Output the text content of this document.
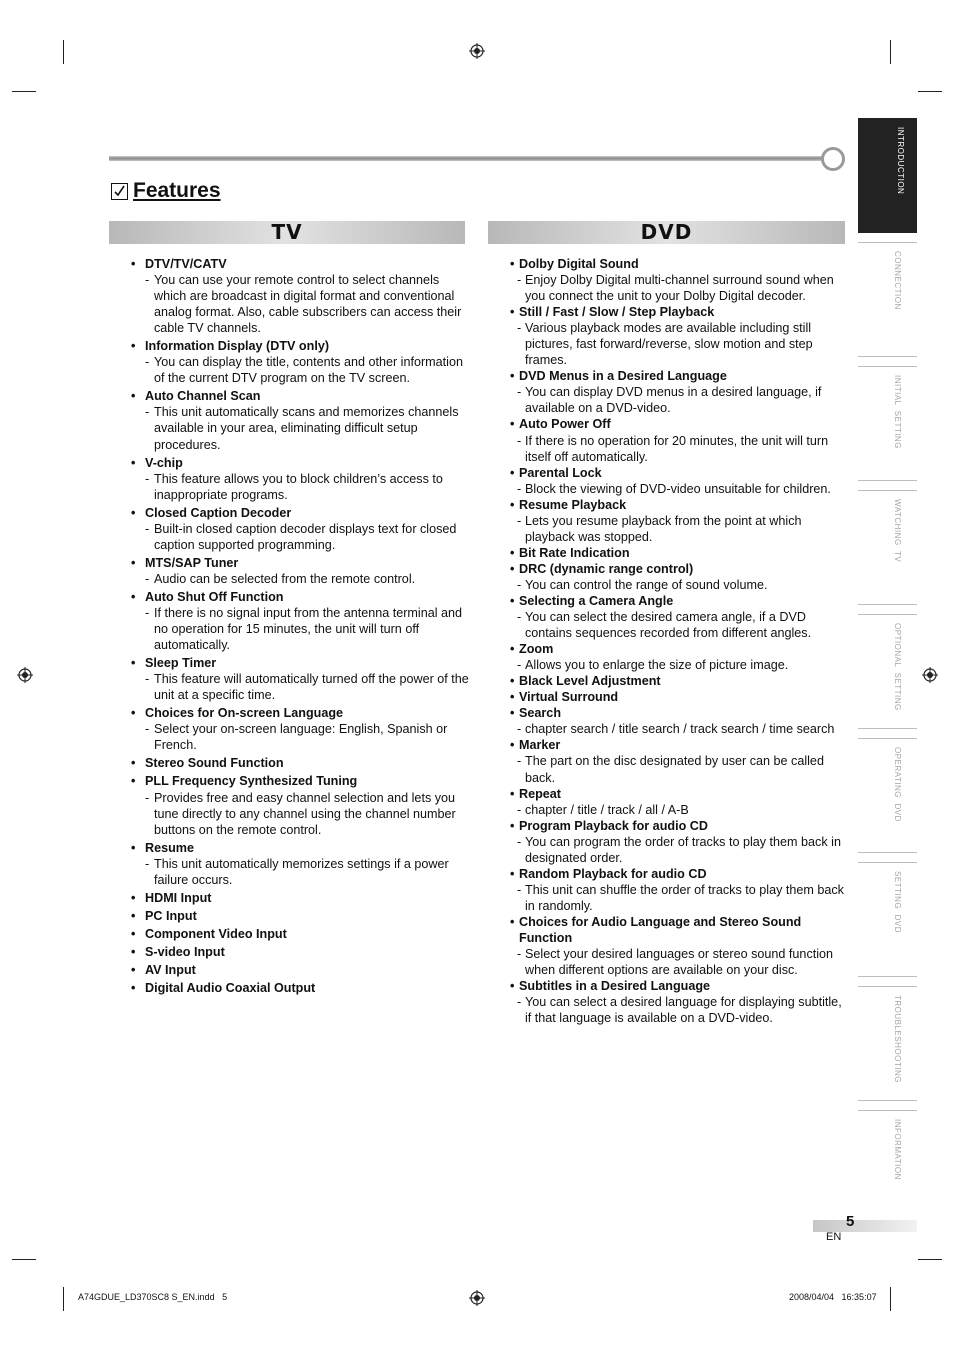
Features
TV	DVD
• DTV/TV/CATV
- You can use your remote control to select channels which are broadcast in digital format and conventional analog format. Also, cable subscribers can access their cable TV channels.
• Information Display (DTV only)
- You can display the title, contents and other information of the current DTV program on the TV screen.
• Auto Channel Scan
- This unit automatically scans and memorizes channels available in your area, eliminating difficult setup procedures.
• V-chip
- This feature allows you to block children’s access to inappropriate programs.
• Closed Caption Decoder
- Built-in closed caption decoder displays text for closed caption supported programming.
• MTS/SAP Tuner
- Audio can be selected from the remote control.
• Auto Shut Off Function
- If there is no signal input from the antenna terminal and no operation for 15 minutes, the unit will turn off automatically.
• Sleep Timer
- This feature will automatically turned off the power of the unit at a specific time.
• Choices for On-screen Language
- Select your on-screen language: English, Spanish or French.
• Stereo Sound Function
• PLL Frequency Synthesized Tuning
- Provides free and easy channel selection and lets you tune directly to any channel using the channel number buttons on the remote control.
• Resume
- This unit automatically memorizes settings if a power failure occurs.
• HDMI Input
• PC Input
• Component Video Input
• S-video Input
• AV Input
• Digital Audio Coaxial Output
• Dolby Digital Sound
- Enjoy Dolby Digital multi-channel surround sound when you connect the unit to your Dolby Digital decoder.
• Still / Fast / Slow / Step Playback
- Various playback modes are available including still pictures, fast forward/reverse, slow motion and step frames.
• DVD Menus in a Desired Language
- You can display DVD menus in a desired language, if available on a DVD-video.
• Auto Power Off
- If there is no operation for 20 minutes, the unit will turn itself off automatically.
• Parental Lock
- Block the viewing of DVD-video unsuitable for children.
• Resume Playback
- Lets you resume playback from the point at which playback was stopped.
• Bit Rate Indication
• DRC (dynamic range control)
- You can control the range of sound volume.
• Selecting a Camera Angle
- You can select the desired camera angle, if a DVD contains sequences recorded from different angles.
• Zoom
- Allows you to enlarge the size of picture image.
• Black Level Adjustment
• Virtual Surround
• Search
- chapter search / title search / track search / time search
• Marker
- The part on the disc designated by user can be called back.
• Repeat
- chapter / title / track / all / A-B
• Program Playback for audio CD
- You can program the order of tracks to play them back in designated order.
• Random Playback for audio CD
- This unit can shuffle the order of tracks to play them back in randomly.
• Choices for Audio Language and Stereo Sound Function
- Select your desired languages or stereo sound function when different options are available on your disc.
• Subtitles in a Desired Language
- You can select a desired language for displaying subtitle, if that language is available on a DVD-video.
INTRODUCTION
CONNECTION
INITIAL  SETTING
WATCHING  TV
OPTIONAL  SETTING
OPERATING  DVD
SETTING  DVD
TROUBLESHOOTING
INFORMATION
5
EN
A74GDUE_LD370SC8 S_EN.indd   5	2008/04/04   16:35:07
